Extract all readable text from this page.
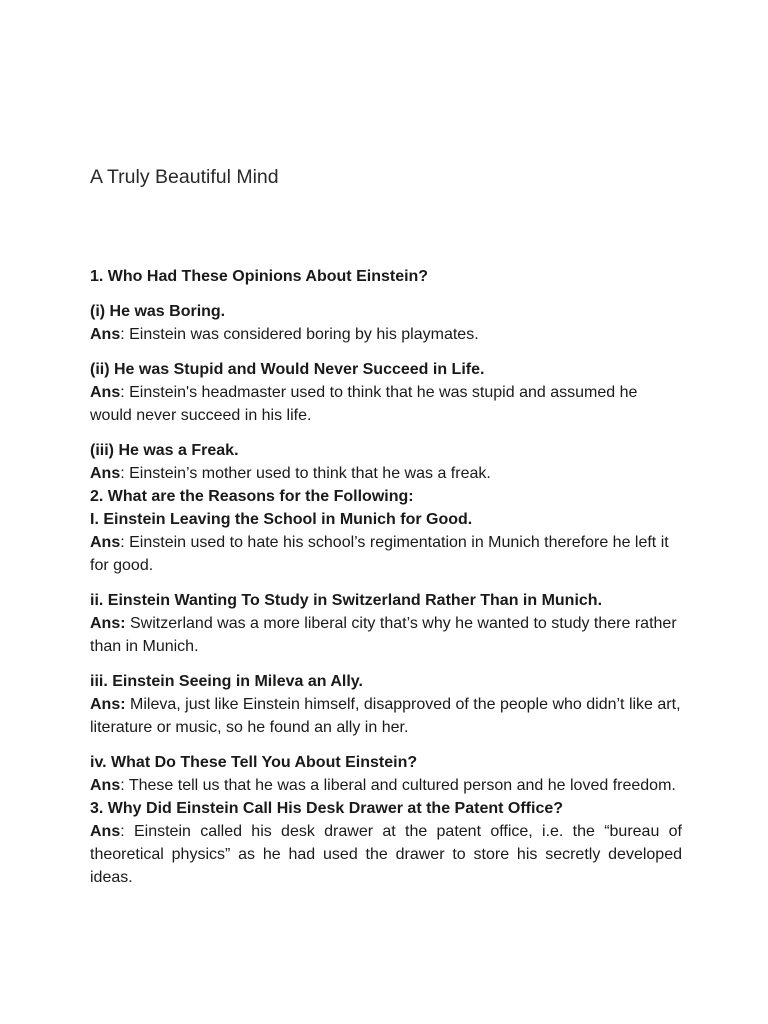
A Truly Beautiful Mind

1. Who Had These Opinions About Einstein?

(i) He was Boring.

Ans: Einstein was considered boring by his playmates.

(ii) He was Stupid and Would Never Succeed in Life.

Ans: Einstein's headmaster used to think that he was stupid and assumed he would never succeed in his life.

(iii) He was a Freak.

Ans: Einstein’s mother used to think that he was a freak.

2. What are the Reasons for the Following:

I. Einstein Leaving the School in Munich for Good.

Ans: Einstein used to hate his school’s regimentation in Munich therefore he left it for good.

ii. Einstein Wanting To Study in Switzerland Rather Than in Munich.

Ans: Switzerland was a more liberal city that’s why he wanted to study there rather than in Munich.

iii. Einstein Seeing in Mileva an Ally.

Ans: Mileva, just like Einstein himself, disapproved of the people who didn’t like art, literature or music, so he found an ally in her.

iv. What Do These Tell You About Einstein?

Ans: These tell us that he was a liberal and cultured person and he loved freedom.

3. Why Did Einstein Call His Desk Drawer at the Patent Office?

Ans: Einstein called his desk drawer at the patent office, i.e. the “bureau of theoretical physics” as he had used the drawer to store his secretly developed ideas.
